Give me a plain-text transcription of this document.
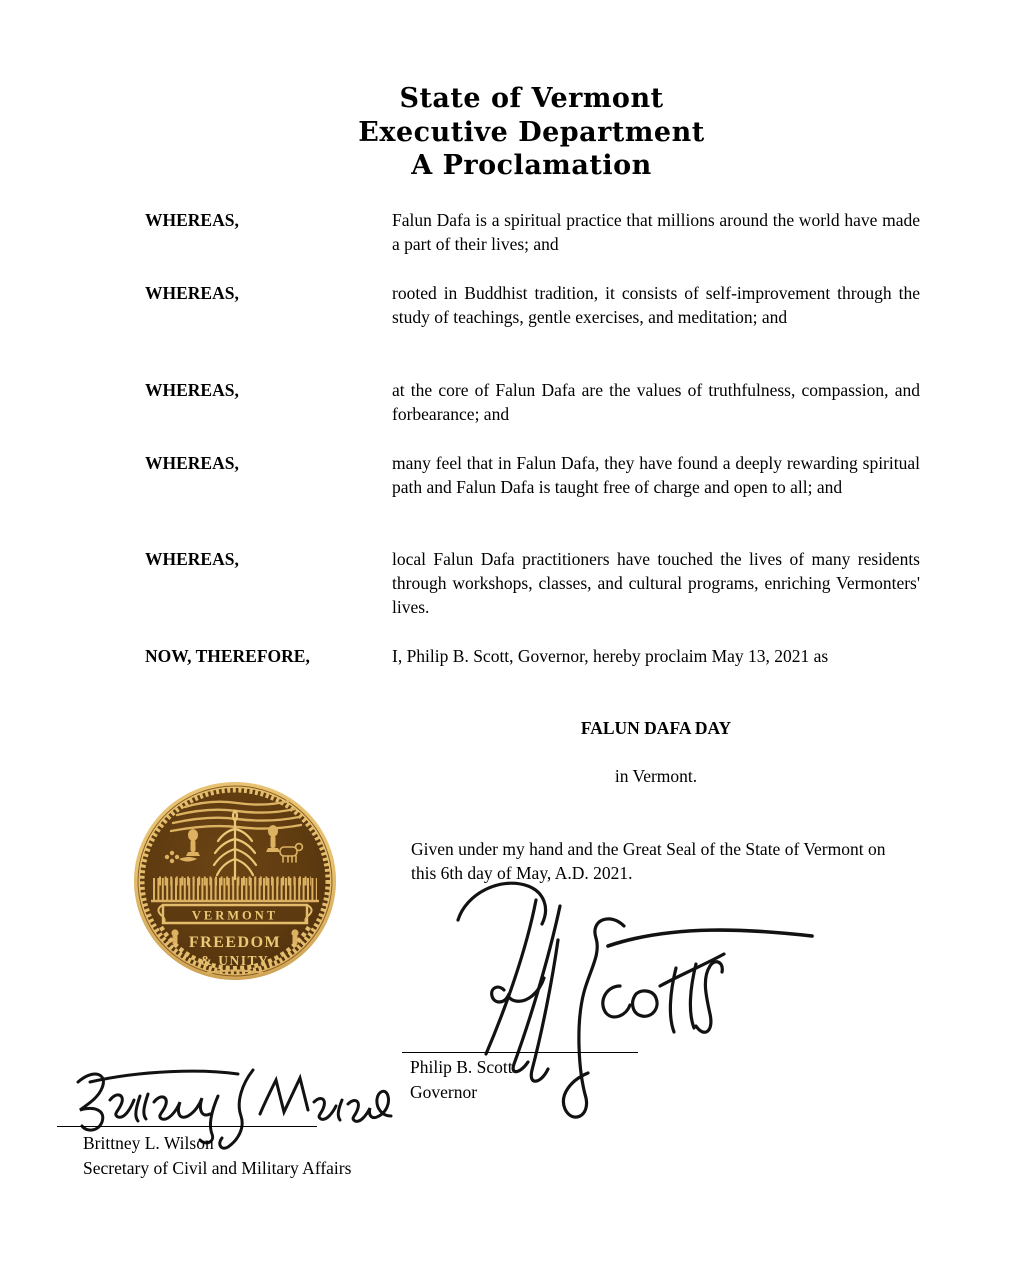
State of Vermont
Executive Department
A Proclamation
WHEREAS,	Falun Dafa is a spiritual practice that millions around the world have made a part of their lives; and
WHEREAS,	rooted in Buddhist tradition, it consists of self-improvement through the study of teachings, gentle exercises, and meditation; and
WHEREAS,	at the core of Falun Dafa are the values of truthfulness, compassion, and forbearance; and
WHEREAS,	many feel that in Falun Dafa, they have found a deeply rewarding spiritual path and Falun Dafa is taught free of charge and open to all; and
WHEREAS,	local Falun Dafa practitioners have touched the lives of many residents through workshops, classes, and cultural programs, enriching Vermonters' lives.
NOW, THEREFORE,	I, Philip B. Scott, Governor, hereby proclaim May 13, 2021 as
FALUN DAFA DAY
in Vermont.
Given under my hand and the Great Seal of the State of Vermont on this 6th day of May, A.D. 2021.
VERMONT
FREEDOM
& UNITY
Philip B. Scott
Governor
Brittney L. Wilson
Secretary of Civil and Military Affairs
